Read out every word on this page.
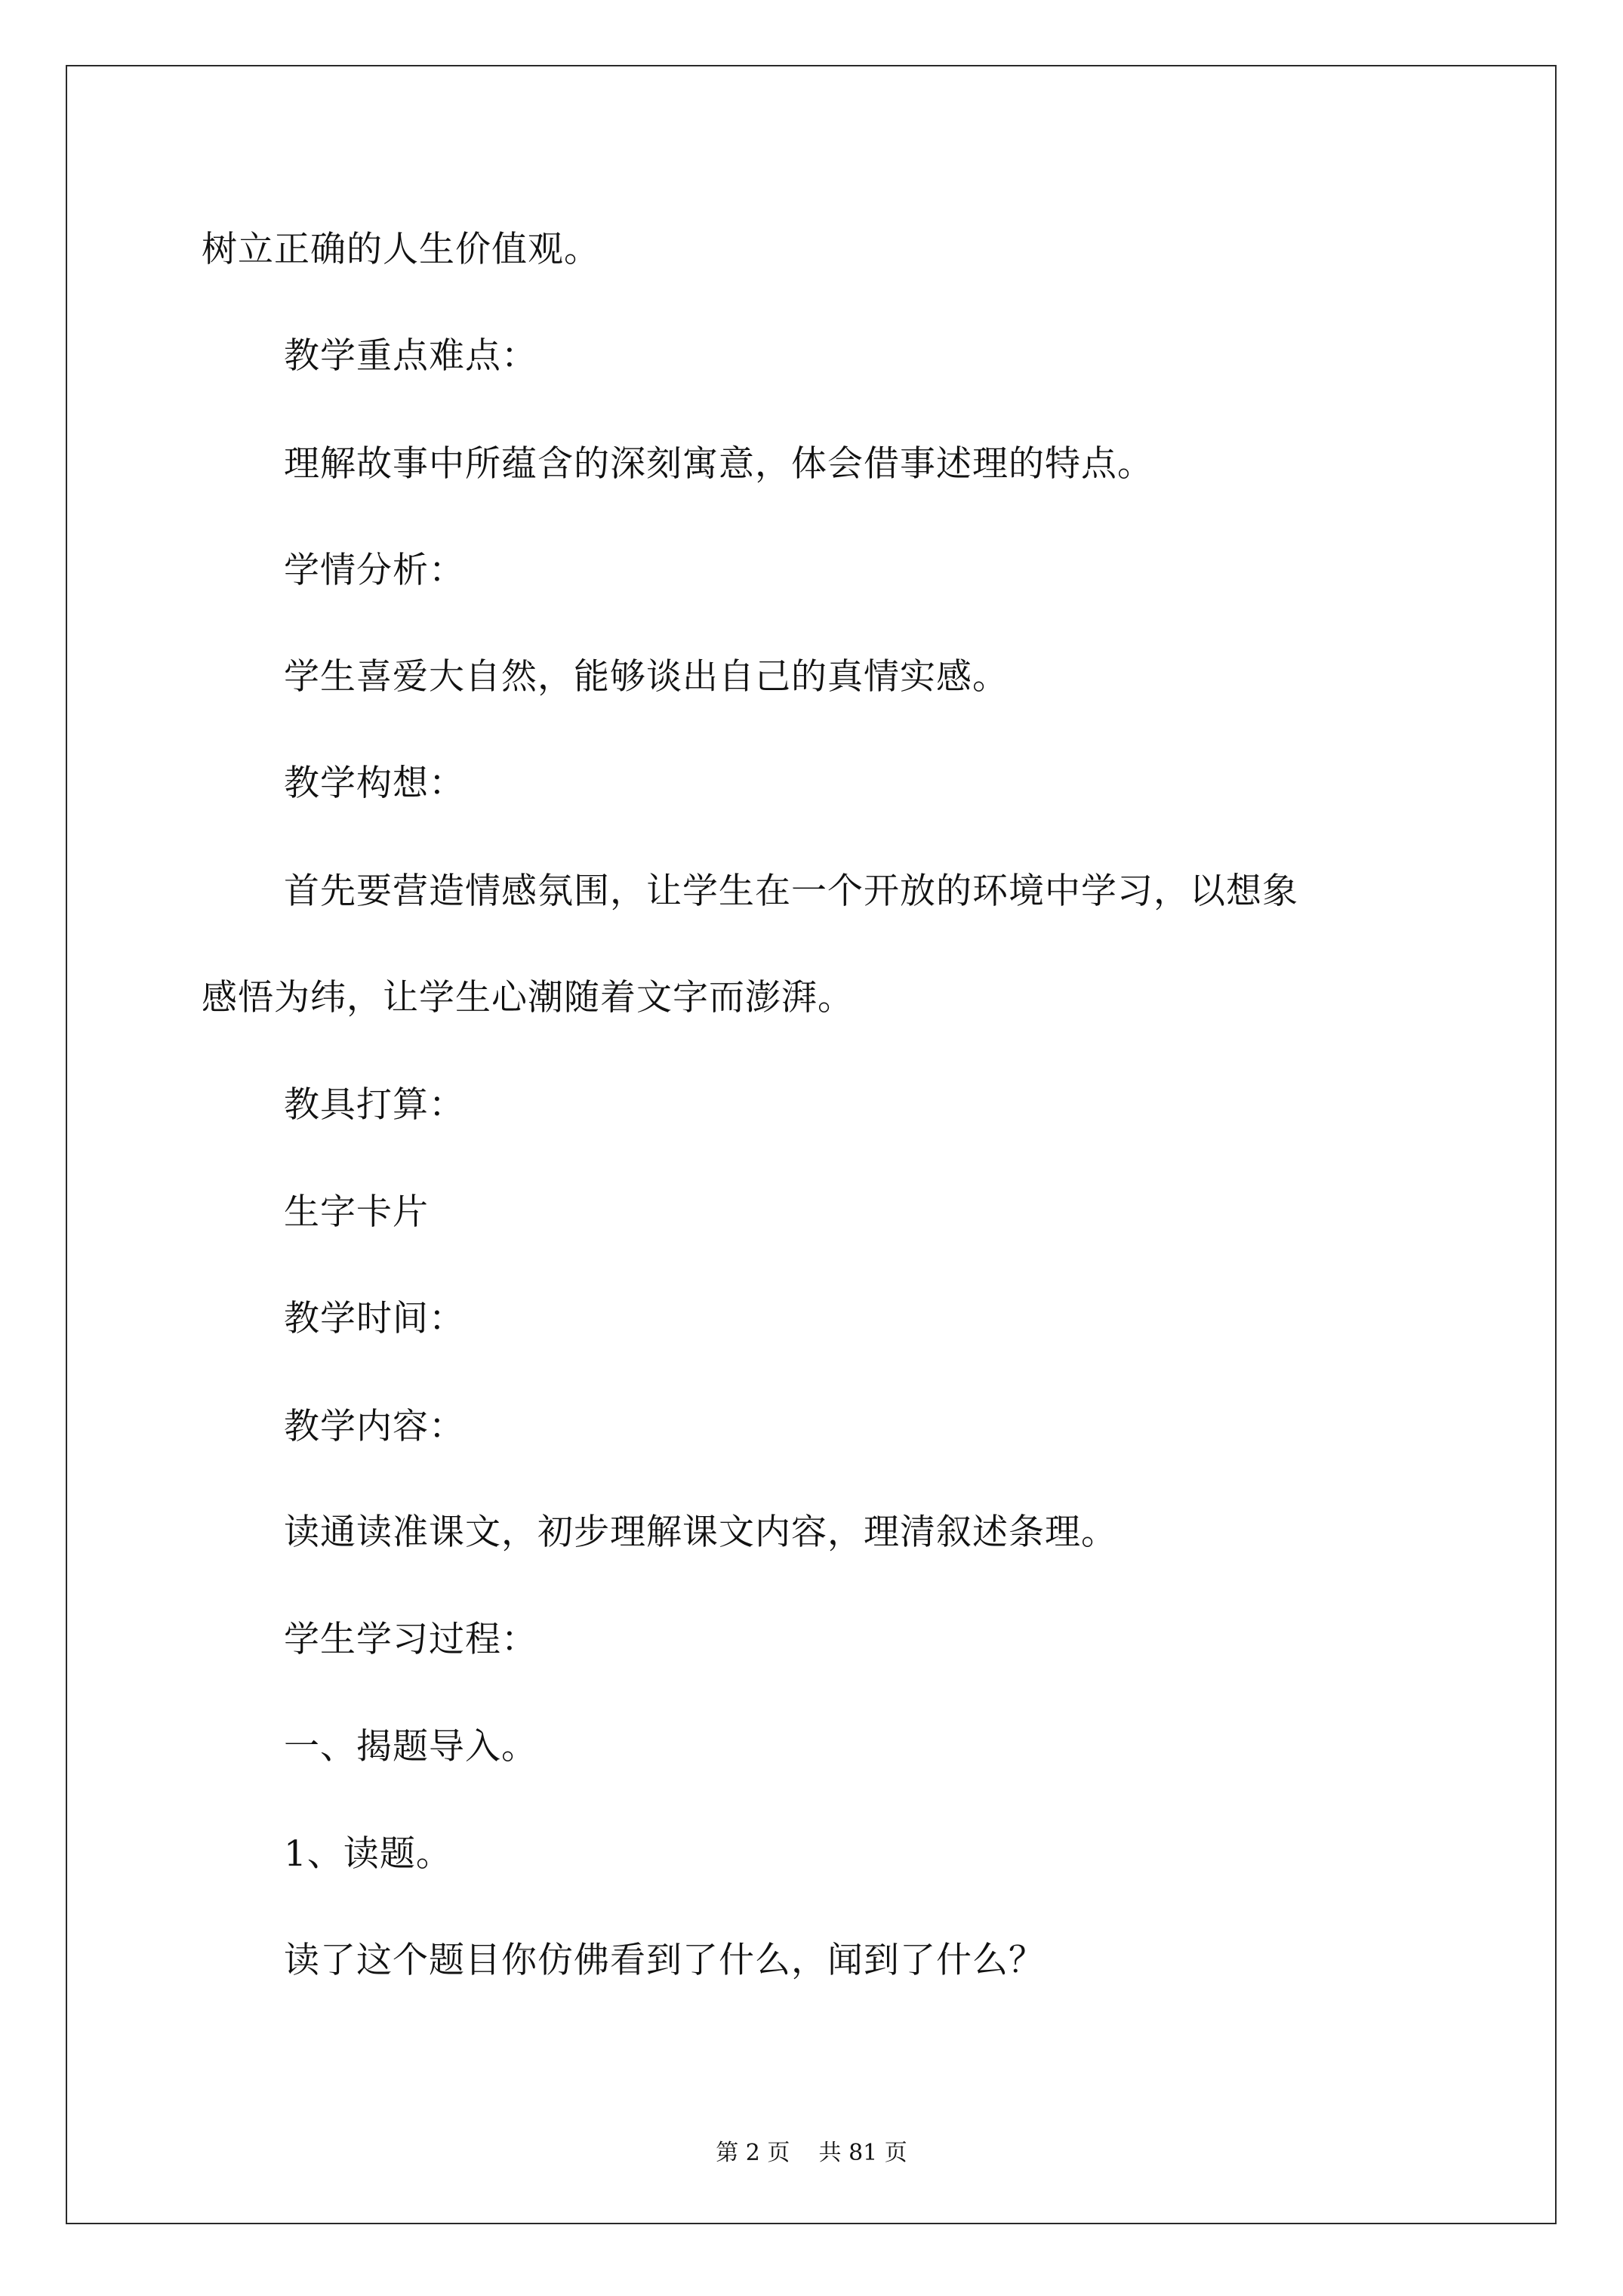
树立正确的人生价值观。
教学重点难点：
理解故事中所蕴含的深刻寓意，体会借事述理的特点。
学情分析：
学生喜爱大自然，能够谈出自己的真情实感。
教学构想：
首先要营造情感氛围，让学生在一个开放的环境中学习，以想象
感悟为纬，让学生心潮随着文字而澎湃。
教具打算：
生字卡片
教学时间：
教学内容：
读通读准课文，初步理解课文内容，理清叙述条理。
学生学习过程：
一、揭题导入。
1、读题。
读了这个题目你仿佛看到了什么，闻到了什么？
第 2 页 共 81 页
